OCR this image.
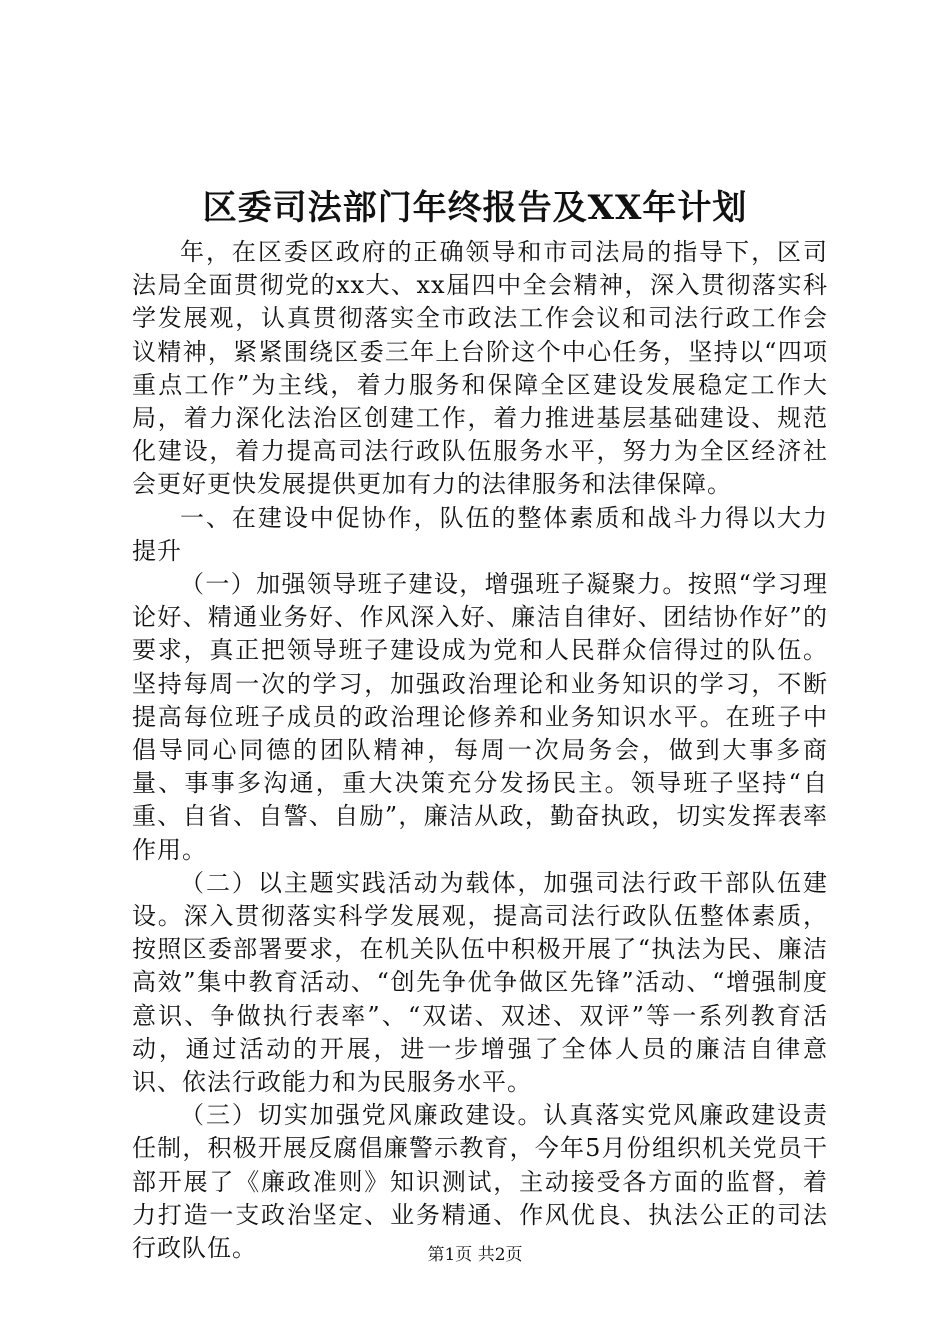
区委司法部门年终报告及XX年计划

年，在区委区政府的正确领导和市司法局的指导下，区司法局全面贯彻党的xx大、xx届四中全会精神，深入贯彻落实科学发展观，认真贯彻落实全市政法工作会议和司法行政工作会议精神，紧紧围绕区委三年上台阶这个中心任务，坚持以“四项重点工作”为主线，着力服务和保障全区建设发展稳定工作大局，着力深化法治区创建工作，着力推进基层基础建设、规范化建设，着力提高司法行政队伍服务水平，努力为全区经济社会更好更快发展提供更加有力的法律服务和法律保障。

一、在建设中促协作，队伍的整体素质和战斗力得以大力提升

（一）加强领导班子建设，增强班子凝聚力。按照“学习理论好、精通业务好、作风深入好、廉洁自律好、团结协作好”的要求，真正把领导班子建设成为党和人民群众信得过的队伍。坚持每周一次的学习，加强政治理论和业务知识的学习，不断提高每位班子成员的政治理论修养和业务知识水平。在班子中倡导同心同德的团队精神，每周一次局务会，做到大事多商量、事事多沟通，重大决策充分发扬民主。领导班子坚持“自重、自省、自警、自励”，廉洁从政，勤奋执政，切实发挥表率作用。

（二）以主题实践活动为载体，加强司法行政干部队伍建设。深入贯彻落实科学发展观，提高司法行政队伍整体素质，按照区委部署要求，在机关队伍中积极开展了“执法为民、廉洁高效”集中教育活动、“创先争优争做区先锋”活动、“增强制度意识、争做执行表率”、“双诺、双述、双评”等一系列教育活动，通过活动的开展，进一步增强了全体人员的廉洁自律意识、依法行政能力和为民服务水平。

（三）切实加强党风廉政建设。认真落实党风廉政建设责任制，积极开展反腐倡廉警示教育，今年5月份组织机关党员干部开展了《廉政准则》知识测试，主动接受各方面的监督，着力打造一支政治坚定、业务精通、作风优良、执法公正的司法行政队伍。	第1页 共2页
